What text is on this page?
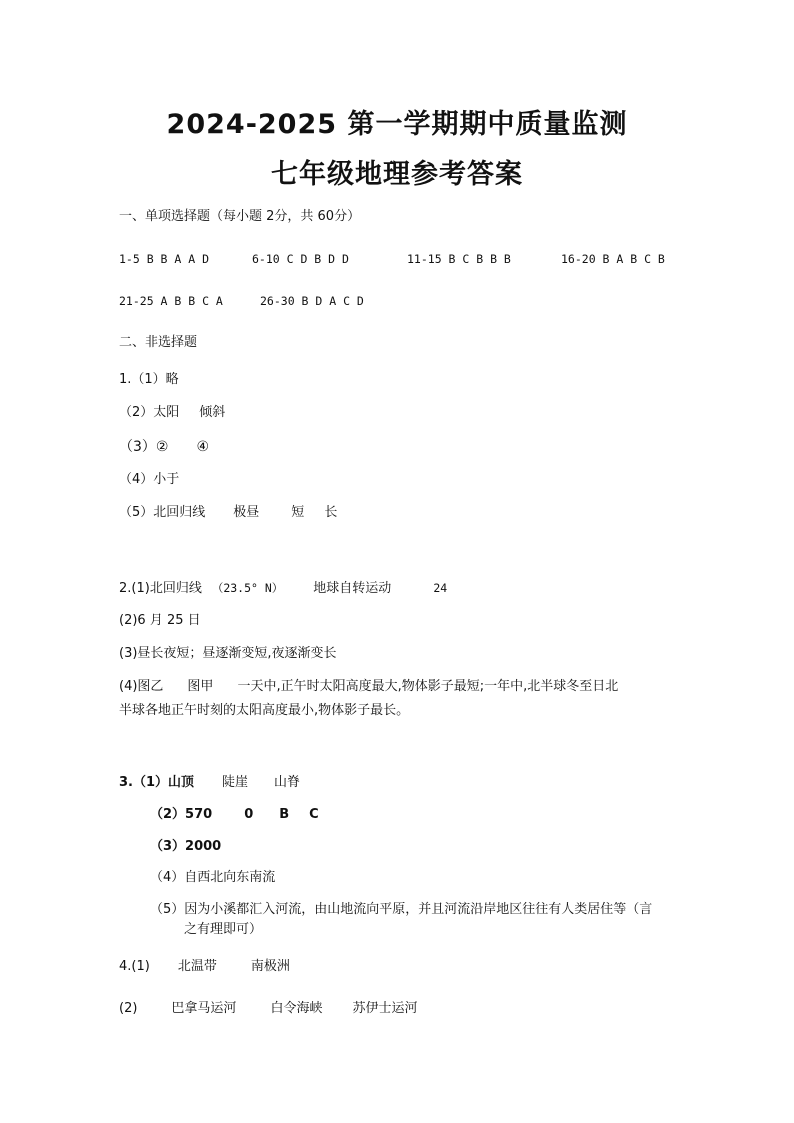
2024-2025 第一学期期中质量监测
七年级地理参考答案
一、单项选择题（每小题 2分，共 60分）
1-5 B B A A D	6-10 C D B D D	11-15 B C B B B	16-20 B A B C B
21-25 A B B C A	26-30 B D A C D
二、非选择题
1.（1）略
（2）太阳 倾斜
（3）② ④
（4）小于
（5）北回归线 极昼 短 长
2.(1)北回归线 （23.5° N） 地球自转运动	24
(2)6 月 25 日
(3)昼长夜短；昼逐渐变短,夜逐渐变长
(4)图乙 图甲 一天中,正午时太阳高度最大,物体影子最短;一年中,北半球冬至日北
半球各地正午时刻的太阳高度最小,物体影子最长。
3.（1）山顶 陡崖 山脊
（2）570 0 B C
（3）2000
（4）自西北向东南流
（5）因为小溪都汇入河流，由山地流向平原，并且河流沿岸地区往往有人类居住等（言
之有理即可）
4.(1) 北温带	南极洲
(2)	巴拿马运河	白令海峡 苏伊士运河
